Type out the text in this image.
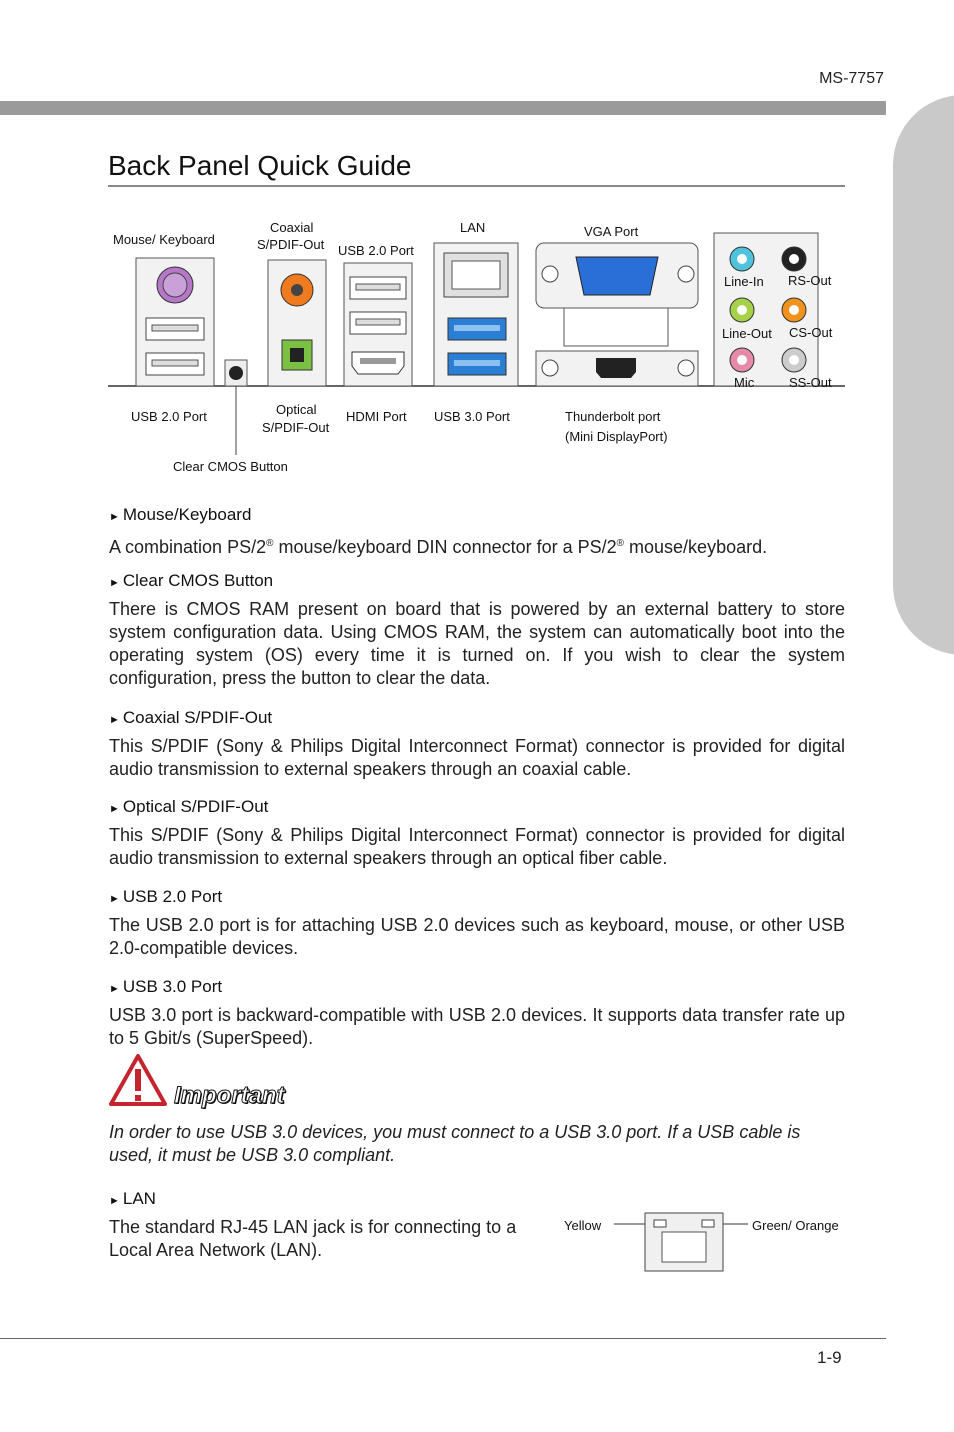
MS-7757
Chapter 1
Back Panel Quick Guide
Mouse/ Keyboard
Coaxial
S/PDIF-Out USB 2.0 Port
LAN	VGA Port
Line-In RS-Out
Line-Out CS-Out
Mic	SS-Out
USB 2.0 Port	Optical
S/PDIF-Out
HDMI Port USB 3.0 Port	Thunderbolt port
(Mini DisplayPort)
Clear CMOS Button

► Mouse/Keyboard

A combination PS/2® mouse/keyboard DIN connector for a PS/2® mouse/keyboard.

► Clear CMOS Button

There is CMOS RAM present on board that is powered by an external battery to store system configuration data. Using CMOS RAM, the system can automatically boot into the operating system (OS) every time it is turned on. If you wish to clear the system configuration, press the button to clear the data.

► Coaxial S/PDIF-Out

This S/PDIF (Sony & Philips Digital Interconnect Format) connector is provided for digital audio transmission to external speakers through an coaxial cable.

► Optical S/PDIF-Out

This S/PDIF (Sony & Philips Digital Interconnect Format) connector is provided for digital audio transmission to external speakers through an optical fiber cable.

► USB 2.0 Port

The USB 2.0 port is for attaching USB 2.0 devices such as keyboard, mouse, or other USB 2.0-compatible devices.

► USB 3.0 Port

USB 3.0 port is backward-compatible with USB 2.0 devices. It supports data transfer rate up to 5 Gbit/s (SuperSpeed).

Important
In order to use USB 3.0 devices, you must connect to a USB 3.0 port. If a USB cable is used, it must be USB 3.0 compliant.

► LAN

The standard RJ-45 LAN jack is for connecting to a Local Area Network (LAN).

Yellow	Green/ Orange
1-9
